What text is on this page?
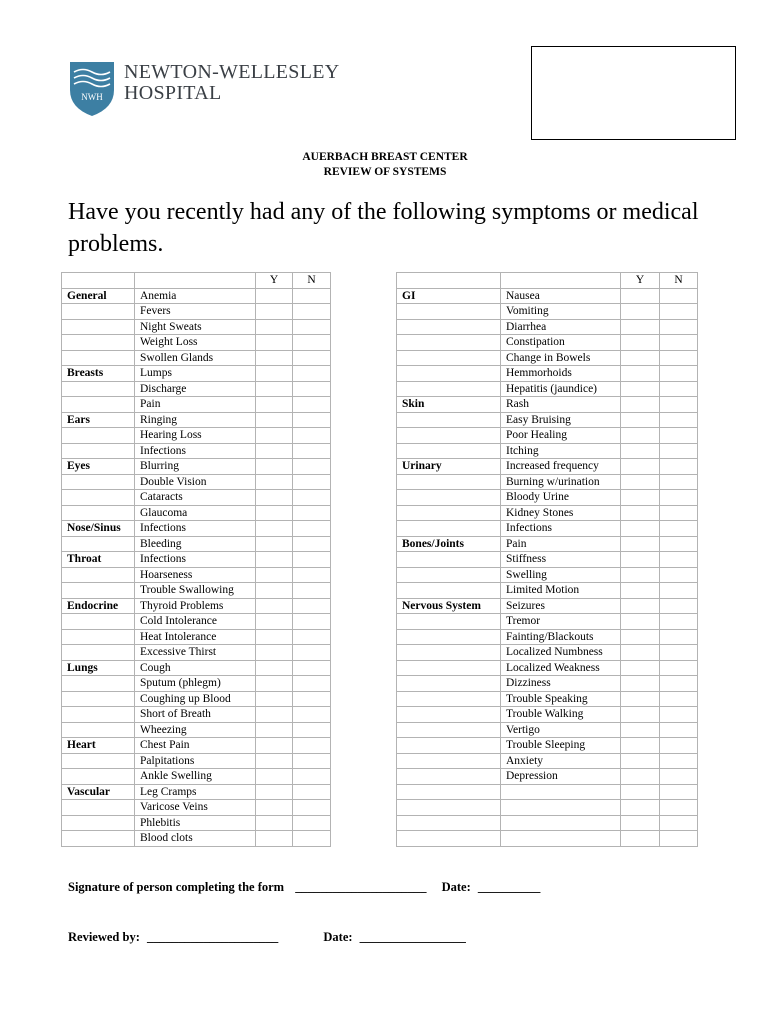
NWH
NEWTON-WELLESLEY
HOSPITAL
AUERBACH BREAST CENTER
REVIEW OF SYSTEMS
Have you recently had any of the following symptoms or medical problems.
		Y	N
General	Anemia		
	Fevers		
	Night Sweats		
	Weight Loss		
	Swollen Glands		
Breasts	Lumps		
	Discharge		
	Pain		
Ears	Ringing		
	Hearing Loss		
	Infections		
Eyes	Blurring		
	Double Vision		
	Cataracts		
	Glaucoma		
Nose/Sinus	Infections		
	Bleeding		
Throat	Infections		
	Hoarseness		
	Trouble Swallowing		
Endocrine	Thyroid Problems		
	Cold Intolerance		
	Heat Intolerance		
	Excessive Thirst		
Lungs	Cough		
	Sputum (phlegm)		
	Coughing up Blood		
	Short of Breath		
	Wheezing		
Heart	Chest Pain		
	Palpitations		
	Ankle Swelling		
Vascular	Leg Cramps		
	Varicose Veins		
	Phlebitis		
	Blood clots		
		Y	N
GI	Nausea		
	Vomiting		
	Diarrhea		
	Constipation		
	Change in Bowels		
	Hemmorhoids		
	Hepatitis (jaundice)		
Skin	Rash		
	Easy Bruising		
	Poor Healing		
	Itching		
Urinary	Increased frequency		
	Burning w/urination		
	Bloody Urine		
	Kidney Stones		
	Infections		
Bones/Joints	Pain		
	Stiffness		
	Swelling		
	Limited Motion		
Nervous System	Seizures		
	Tremor		
	Fainting/Blackouts		
	Localized Numbness		
	Localized Weakness		
	Dizziness		
	Trouble Speaking		
	Trouble Walking		
	Vertigo		
	Trouble Sleeping		
	Anxiety		
	Depression		

Signature of person completing the form _____________________ Date: __________
Reviewed by: _____________________	Date: _________________
